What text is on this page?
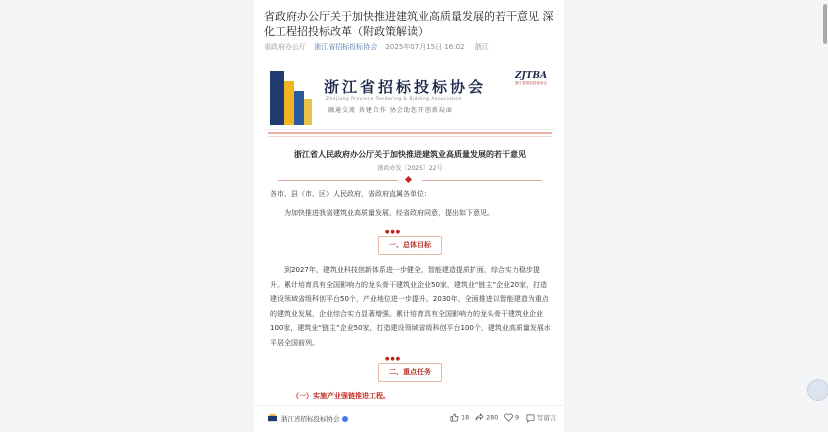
省政府办公厅关于加快推进建筑业高质量发展的若干意见 深化工程招投标改革（附政策解读）
省政府办公厅 浙江省招标投标协会 2025年07月15日 16:02 浙江
浙江省招标投标协会
Zhejiang Province Tendering & Bidding Association
融通交流 共建合作 协会助您开创新局面
ZJTBA
浙江省招标投标协会
浙江省人民政府办公厅关于加快推进建筑业高质量发展的若干意见
浙政办发〔2025〕22号
各市、县（市、区）人民政府，省政府直属各单位：
为加快推进我省建筑业高质量发展，经省政府同意，提出如下意见。
●●●
一、总体目标
到2027年，建筑业科技创新体系进一步健全，智能建造提质扩面，综合实力稳步提升。累计培育具有全国影响力的龙头骨干建筑业企业50家，建筑业“链主”企业20家，打造建设领域省级科创平台50个，产业地位进一步提升。2030年，全面推进以智能建造为重点的建筑业发展，企业综合实力显著增强。累计培育具有全国影响力的龙头骨干建筑业企业100家，建筑业“链主”企业50家，打造建设领域省级科创平台100个，建筑业高质量发展水平居全国前列。
●●●
二、重点任务
（一）实施产业强链推进工程。
浙江省招标投标协会	18	280	9	写留言
